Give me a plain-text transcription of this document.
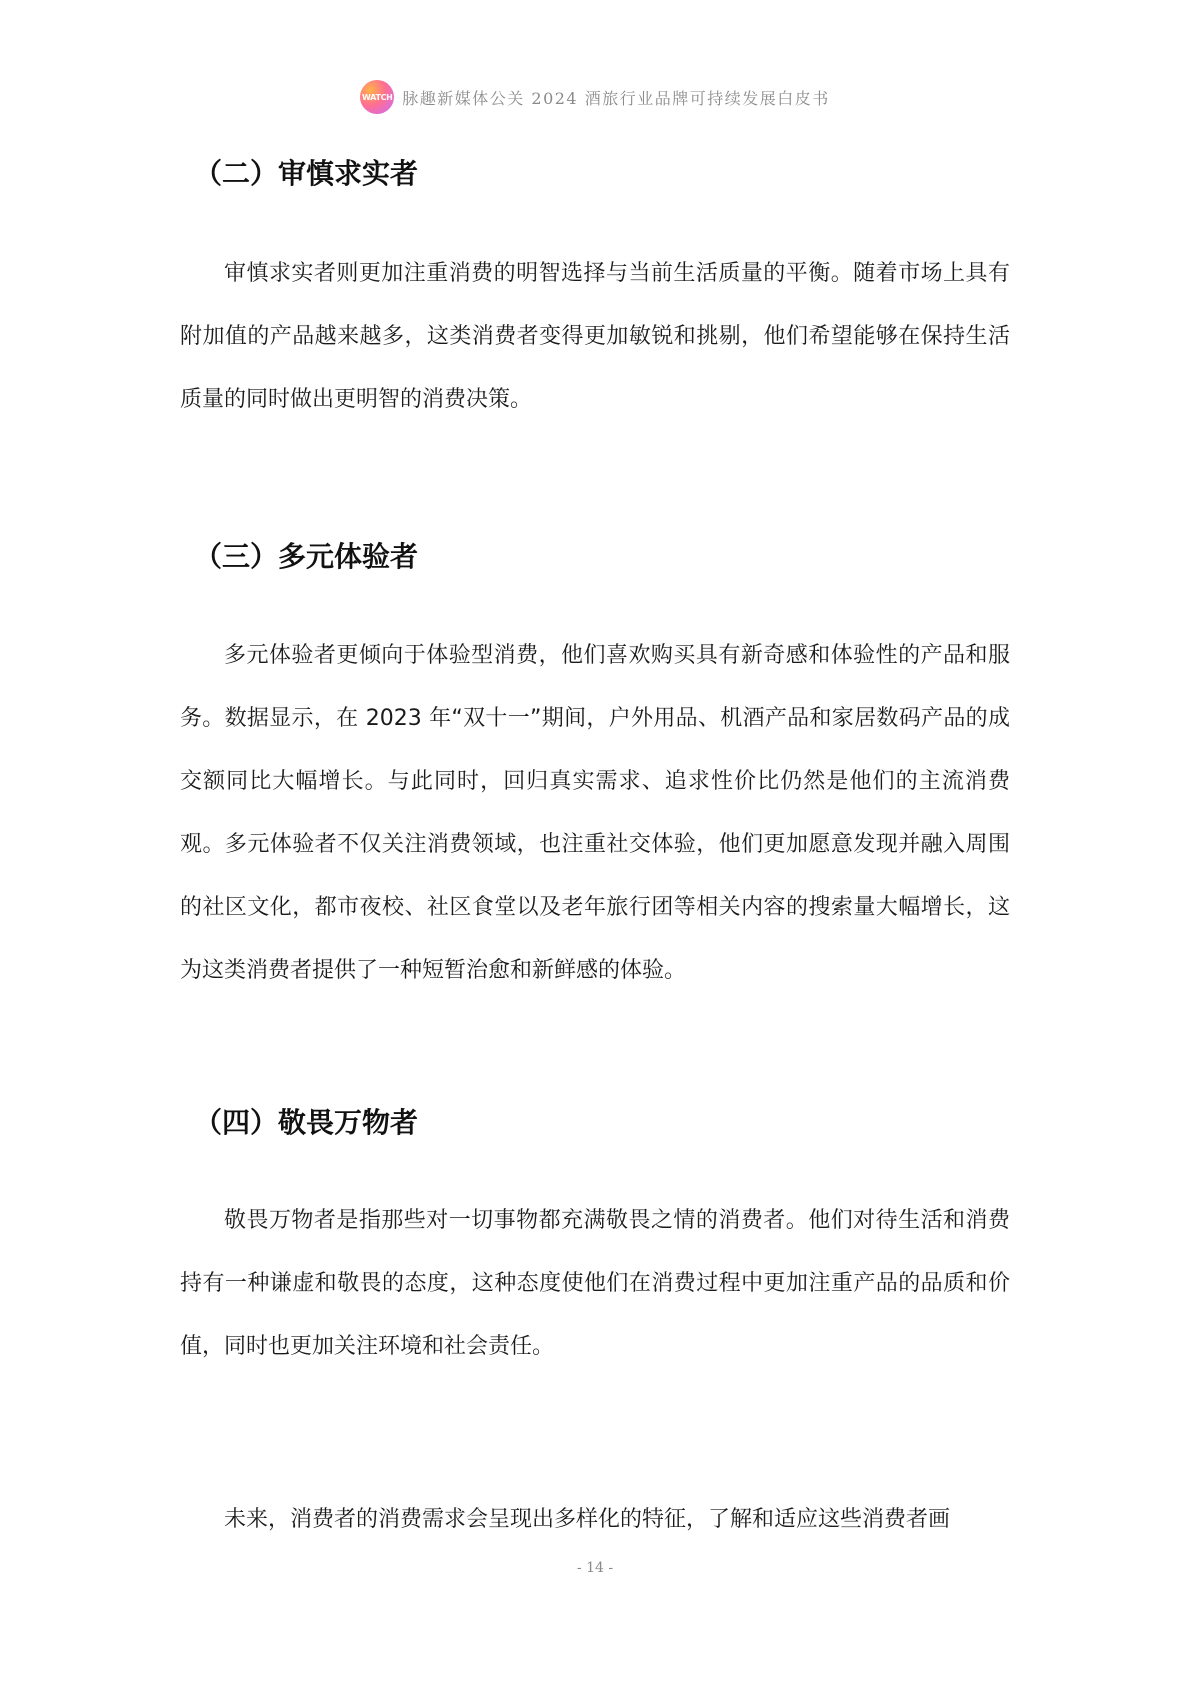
WATCH 脉趣新媒体公关 2024 酒旅行业品牌可持续发展白皮书
（二）审慎求实者

审慎求实者则更加注重消费的明智选择与当前生活质量的平衡。随着市场上具有附加值的产品越来越多，这类消费者变得更加敏锐和挑剔，他们希望能够在保持生活质量的同时做出更明智的消费决策。

（三）多元体验者

多元体验者更倾向于体验型消费，他们喜欢购买具有新奇感和体验性的产品和服务。数据显示，在 2023 年“双十一”期间，户外用品、机酒产品和家居数码产品的成交额同比大幅增长。与此同时，回归真实需求、追求性价比仍然是他们的主流消费观。多元体验者不仅关注消费领域，也注重社交体验，他们更加愿意发现并融入周围的社区文化，都市夜校、社区食堂以及老年旅行团等相关内容的搜索量大幅增长，这为这类消费者提供了一种短暂治愈和新鲜感的体验。

（四）敬畏万物者

敬畏万物者是指那些对一切事物都充满敬畏之情的消费者。他们对待生活和消费持有一种谦虚和敬畏的态度，这种态度使他们在消费过程中更加注重产品的品质和价值，同时也更加关注环境和社会责任。

未来，消费者的消费需求会呈现出多样化的特征，了解和适应这些消费者画

- 14 -
